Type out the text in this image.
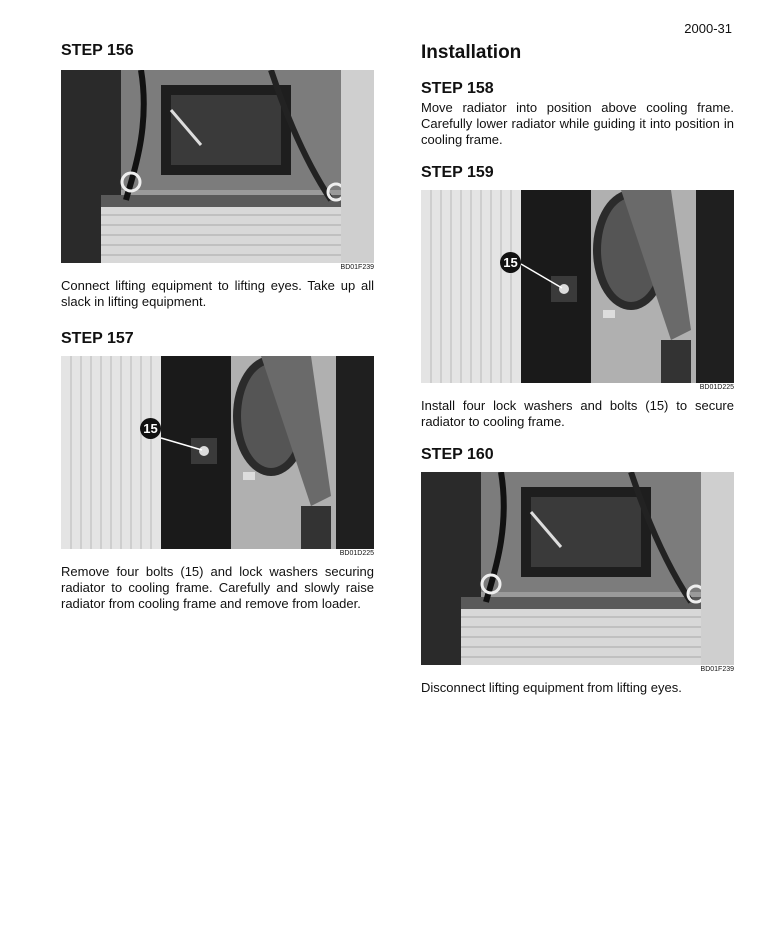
2000-31
STEP 156
BD01F239

Connect lifting equipment to lifting eyes. Take up all slack in lifting equipment.

STEP 157
15
BD01D225

Remove four bolts (15) and lock washers securing radiator to cooling frame. Carefully and slowly raise radiator from cooling frame and remove from loader.

Installation
STEP 158

Move radiator into position above cooling frame. Carefully lower radiator while guiding it into position in cooling frame.

STEP 159
15
BD01D225

Install four lock washers and bolts (15) to secure radiator to cooling frame.

STEP 160
BD01F239

Disconnect lifting equipment from lifting eyes.
